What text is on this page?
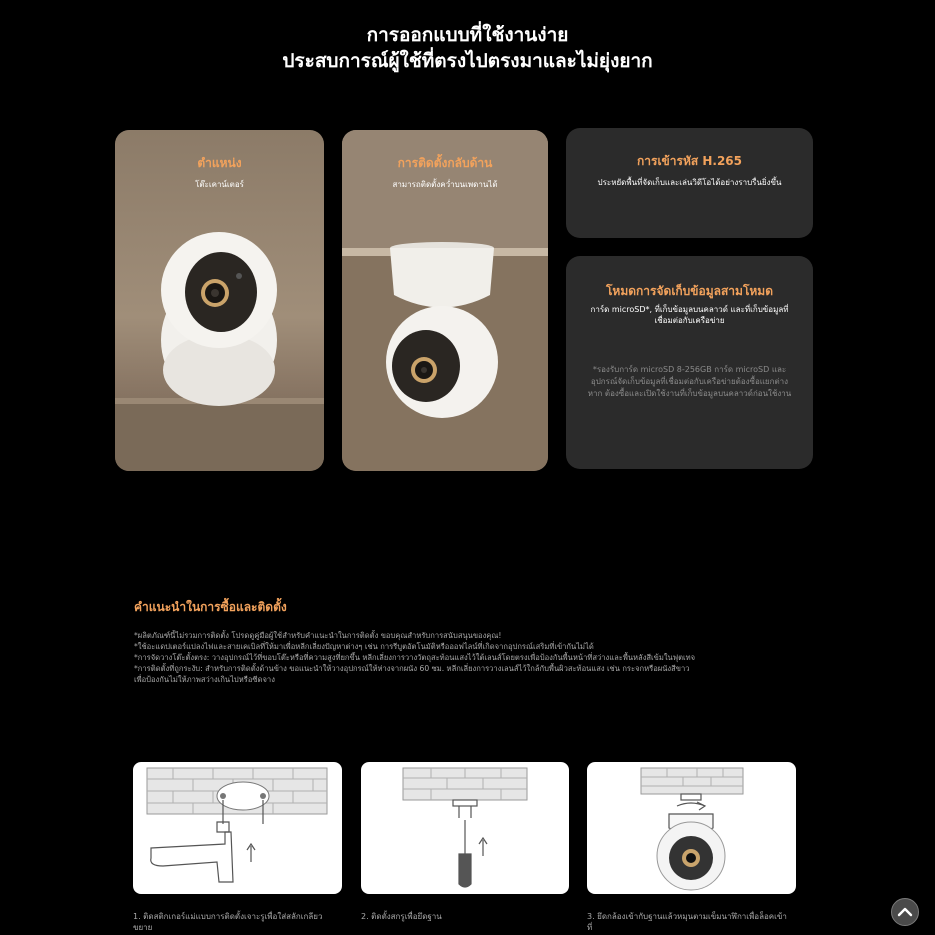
การออกแบบที่ใช้งานง่าย
ประสบการณ์ผู้ใช้ที่ตรงไปตรงมาและไม่ยุ่งยาก
ตำแหน่ง
โต๊ะเคาน์เตอร์
การติดตั้งกลับด้าน
สามารถติดตั้งคว่ำบนเพดานได้
การเข้ารหัส H.265
ประหยัดพื้นที่จัดเก็บและเล่นวิดีโอได้อย่างราบรื่นยิ่งขึ้น
โหมดการจัดเก็บข้อมูลสามโหมด
การ์ด microSD*, ที่เก็บข้อมูลบนคลาวด์ และที่เก็บข้อมูลที่เชื่อมต่อกับเครือข่าย
*รองรับการ์ด microSD 8-256GB การ์ด microSD และอุปกรณ์จัดเก็บข้อมูลที่เชื่อมต่อกับเครือข่ายต้องซื้อแยกต่างหาก ต้องซื้อและเปิดใช้งานที่เก็บข้อมูลบนคลาวด์ก่อนใช้งาน
คำแนะนำในการซื้อและติดตั้ง
*ผลิตภัณฑ์นี้ไม่รวมการติดตั้ง โปรดดูคู่มือผู้ใช้สำหรับคำแนะนำในการติดตั้ง ขอบคุณสำหรับการสนับสนุนของคุณ!
*ใช้อะแดปเตอร์แปลงไฟและสายเคเบิลที่ให้มาเพื่อหลีกเลี่ยงปัญหาต่างๆ เช่น การรีบูตอัตโนมัติหรือออฟไลน์ที่เกิดจากอุปกรณ์เสริมที่เข้ากันไม่ได้
*การจัดวางโต๊ะตั้งตรง: วางอุปกรณ์ไว้ที่ขอบโต๊ะหรือที่ความสูงที่ยกขึ้น หลีกเลี่ยงการวางวัตถุสะท้อนแสงไว้ใต้เลนส์โดยตรงเพื่อป้องกันพื้นหน้าที่สว่างและพื้นหลังสีเข้มในฟุตเทจ
*การติดตั้งที่ถูกระงับ: สำหรับการติดตั้งด้านข้าง ขอแนะนำให้วางอุปกรณ์ให้ห่างจากผนัง 60 ซม. หลีกเลี่ยงการวางเลนส์ไว้ใกล้กับพื้นผิวสะท้อนแสง เช่น กระจกหรือผนังสีขาว
เพื่อป้องกันไม่ให้ภาพสว่างเกินไปหรือซีดจาง
1. ติดสติกเกอร์แม่แบบการติดตั้งเจาะรูเพื่อใส่สลักเกลียวขยาย
2. ติดตั้งสกรูเพื่อยึดฐาน	3. ยึดกล้องเข้ากับฐานแล้วหมุนตามเข็มนาฬิกาเพื่อล็อคเข้าที่
